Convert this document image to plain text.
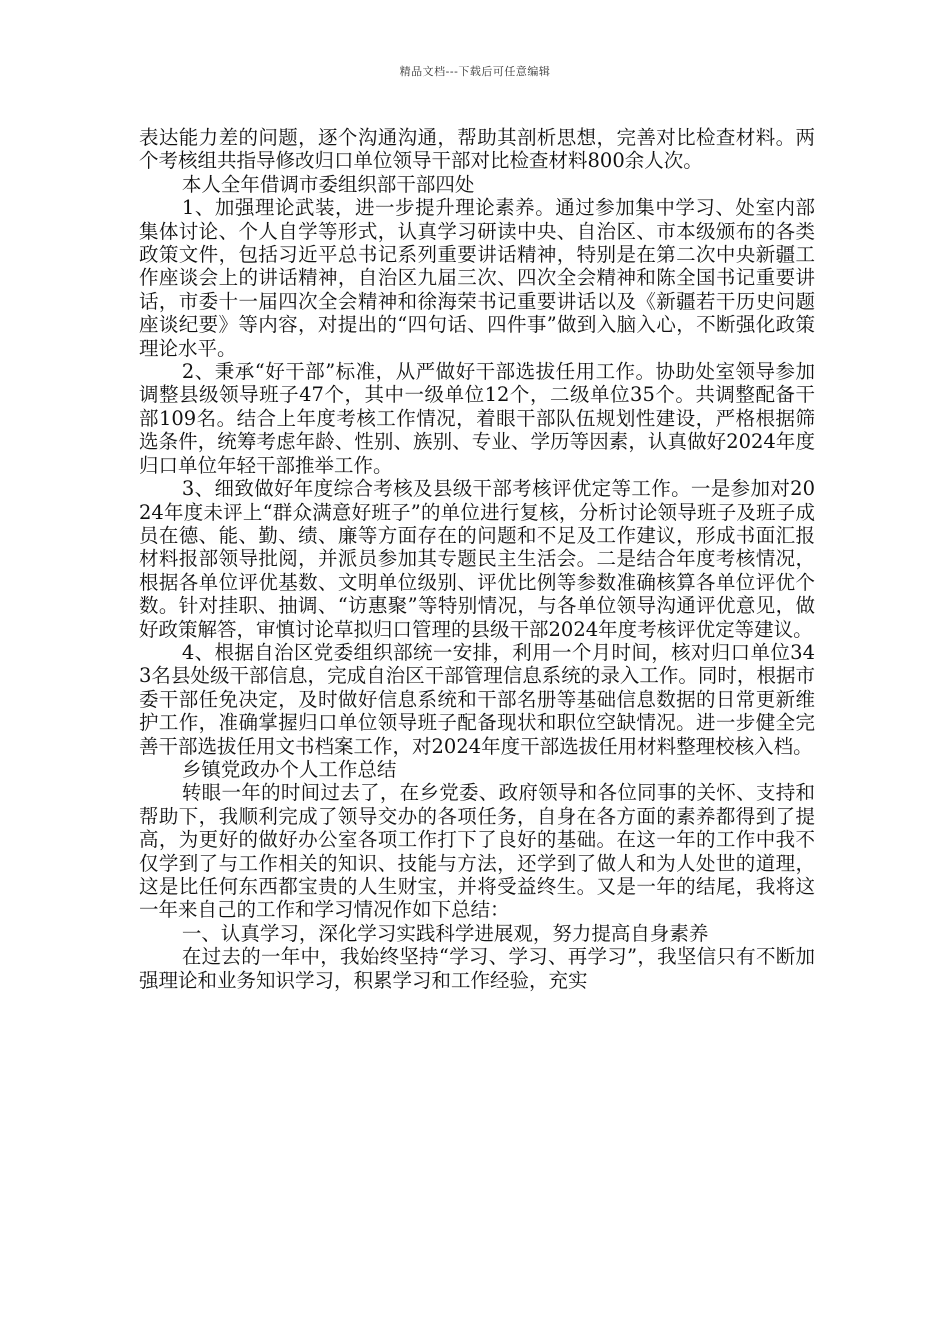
精品文档---下载后可任意编辑

表达能力差的问题，逐个沟通沟通，帮助其剖析思想，完善对比检查材料。两个考核组共指导修改归口单位领导干部对比检查材料800余人次。

本人全年借调市委组织部干部四处

1、加强理论武装，进一步提升理论素养。通过参加集中学习、处室内部集体讨论、个人自学等形式，认真学习研读中央、自治区、市本级颁布的各类政策文件，包括习近平总书记系列重要讲话精神，特别是在第二次中央新疆工作座谈会上的讲话精神，自治区九届三次、四次全会精神和陈全国书记重要讲话，市委十一届四次全会精神和徐海荣书记重要讲话以及《新疆若干历史问题座谈纪要》等内容，对提出的“四句话、四件事”做到入脑入心，不断强化政策理论水平。

2、秉承“好干部”标准，从严做好干部选拔任用工作。协助处室领导参加调整县级领导班子47个，其中一级单位12个，二级单位35个。共调整配备干部109名。结合上年度考核工作情况，着眼干部队伍规划性建设，严格根据筛选条件，统筹考虑年龄、性别、族别、专业、学历等因素，认真做好2024年度归口单位年轻干部推举工作。

3、细致做好年度综合考核及县级干部考核评优定等工作。一是参加对2024年度未评上“群众满意好班子”的单位进行复核，分析讨论领导班子及班子成员在德、能、勤、绩、廉等方面存在的问题和不足及工作建议，形成书面汇报材料报部领导批阅，并派员参加其专题民主生活会。二是结合年度考核情况，根据各单位评优基数、文明单位级别、评优比例等参数准确核算各单位评优个数。针对挂职、抽调、“访惠聚”等特别情况，与各单位领导沟通评优意见，做好政策解答，审慎讨论草拟归口管理的县级干部2024年度考核评优定等建议。

4、根据自治区党委组织部统一安排，利用一个月时间，核对归口单位343名县处级干部信息，完成自治区干部管理信息系统的录入工作。同时，根据市委干部任免决定，及时做好信息系统和干部名册等基础信息数据的日常更新维护工作，准确掌握归口单位领导班子配备现状和职位空缺情况。进一步健全完善干部选拔任用文书档案工作，对2024年度干部选拔任用材料整理校核入档。

乡镇党政办个人工作总结

转眼一年的时间过去了，在乡党委、政府领导和各位同事的关怀、支持和帮助下，我顺利完成了领导交办的各项任务，自身在各方面的素养都得到了提高，为更好的做好办公室各项工作打下了良好的基础。在这一年的工作中我不仅学到了与工作相关的知识、技能与方法，还学到了做人和为人处世的道理，这是比任何东西都宝贵的人生财宝，并将受益终生。又是一年的结尾，我将这一年来自己的工作和学习情况作如下总结：

一、认真学习，深化学习实践科学进展观，努力提高自身素养

在过去的一年中，我始终坚持“学习、学习、再学习”，我坚信只有不断加强理论和业务知识学习，积累学习和工作经验，充实
